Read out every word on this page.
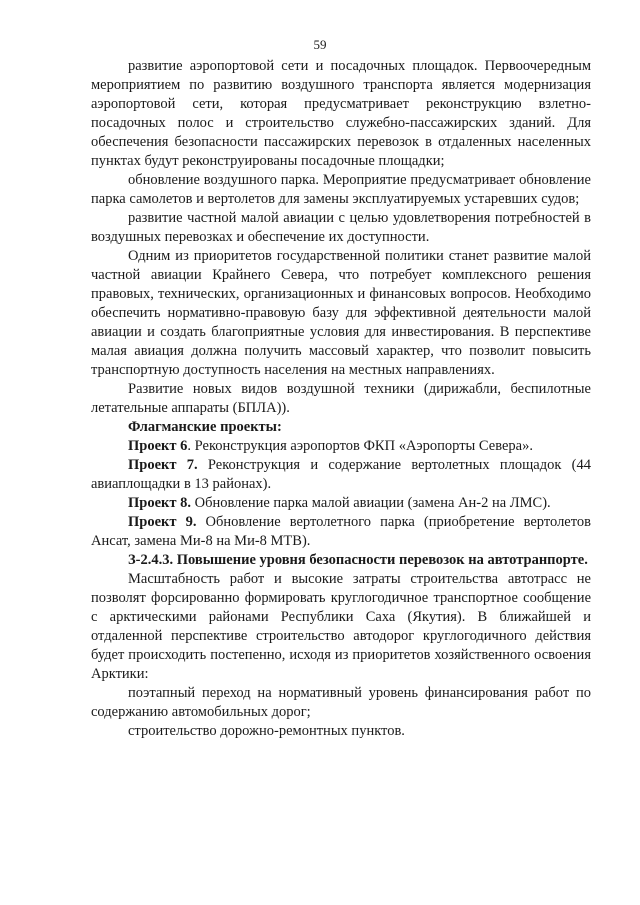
59

развитие аэропортовой сети и посадочных площадок. Первоочередным мероприятием по развитию воздушного транспорта является модернизация аэропортовой сети, которая предусматривает реконструкцию взлетно-посадочных полос и строительство служебно-пассажирских зданий. Для обеспечения безопасности пассажирских перевозок в отдаленных населенных пунктах будут реконструированы посадочные площадки;

обновление воздушного парка. Мероприятие предусматривает обновление парка самолетов и вертолетов для замены эксплуатируемых устаревших судов;

развитие частной малой авиации с целью удовлетворения потребностей в воздушных перевозках и обеспечение их доступности.

Одним из приоритетов государственной политики станет развитие малой частной авиации Крайнего Севера, что потребует комплексного решения правовых, технических, организационных и финансовых вопросов. Необходимо обеспечить нормативно-правовую базу для эффективной деятельности малой авиации и создать благоприятные условия для инвестирования. В перспективе малая авиация должна получить массовый характер, что позволит повысить транспортную доступность населения на местных направлениях.

Развитие новых видов воздушной техники (дирижабли, беспилотные летательные аппараты (БПЛА)).

Флагманские проекты:

Проект 6. Реконструкция аэропортов ФКП «Аэропорты Севера».

Проект 7. Реконструкция и содержание вертолетных площадок (44 авиаплощадки в 13 районах).

Проект 8. Обновление парка малой авиации (замена Ан-2 на ЛМС).

Проект 9. Обновление вертолетного парка (приобретение вертолетов Ансат, замена Ми-8 на Ми-8 МТВ).

З-2.4.3. Повышение уровня безопасности перевозок на автотранпорте.

Масштабность работ и высокие затраты строительства автотрасс не позволят форсированно формировать круглогодичное транспортное сообщение с арктическими районами Республики Саха (Якутия). В ближайшей и отдаленной перспективе строительство автодорог круглогодичного действия будет происходить постепенно, исходя из приоритетов хозяйственного освоения Арктики:

поэтапный переход на нормативный уровень финансирования работ по содержанию автомобильных дорог;

строительство дорожно-ремонтных пунктов.
